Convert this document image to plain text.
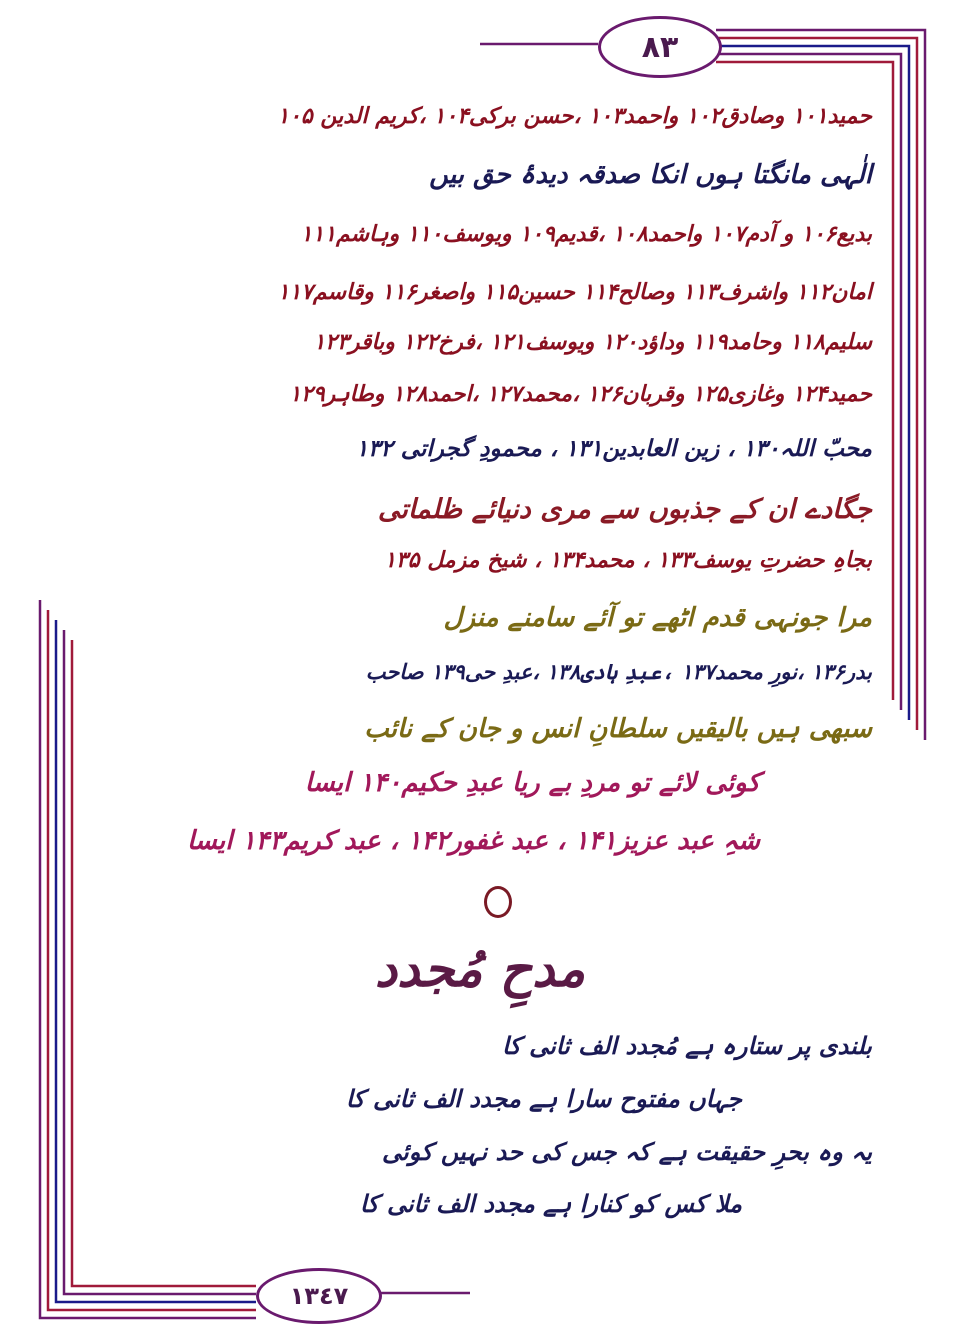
٨٣
١٣٤٧
حمید۱۰۱ وصادق۱۰۲ واحمد۱۰۳ ،حسن برکی۱۰۴ ،کریم الدین ۱۰۵
الٰہی مانگتا ہوں انکا صدقہ دیدۂ حق بیں
بدیع۱۰۶ و آدم۱۰۷ واحمد۱۰۸ ،قدیم۱۰۹ ویوسف۱۱۰ وہاشم۱۱۱
امان۱۱۲ واشرف۱۱۳ وصالح۱۱۴ حسین۱۱۵ واصغر۱۱۶ وقاسم۱۱۷
سلیم۱۱۸ وحامد۱۱۹ وداؤد۱۲۰ ویوسف۱۲۱ ،فرخ۱۲۲ وباقر۱۲۳
حمید۱۲۴ وغازی۱۲۵ وقربان۱۲۶ ،محمد۱۲۷ ،احمد۱۲۸ وطاہر۱۲۹
محبّ اللہ۱۳۰ ، زین العابدین۱۳۱ ، محمودِ گجراتی ۱۳۲
جگادے ان کے جذبوں سے مری دنیائے ظلماتی
بجاہِ حضرتِ یوسف۱۳۳ ، محمد۱۳۴ ، شیخ مزمل ۱۳۵
مرا جونہی قدم اٹھے تو آئے سامنے منزل
بدر۱۳۶ ،نورِ محمد۱۳۷ ،عبدِ ہادی۱۳۸ ،عبدِ حی۱۳۹ صاحب
سبھی ہیں بالیقیں سلطانِ انس و جان کے نائب
کوئی لائے تو مردِ بے ریا عبدِ حکیم۱۴۰ ایسا
شہِ عبد عزیز۱۴۱ ، عبد غفور۱۴۲ ، عبد کریم۱۴۳ ایسا
مدحِ مُجدد
بلندی پر ستارہ ہے مُجدد الف ثانی کا
جہاں مفتوح سارا ہے مجدد الف ثانی کا
یہ وہ بحرِ حقیقت ہے کہ جس کی حد نہیں کوئی
ملا کس کو کنارا ہے مجدد الف ثانی کا
